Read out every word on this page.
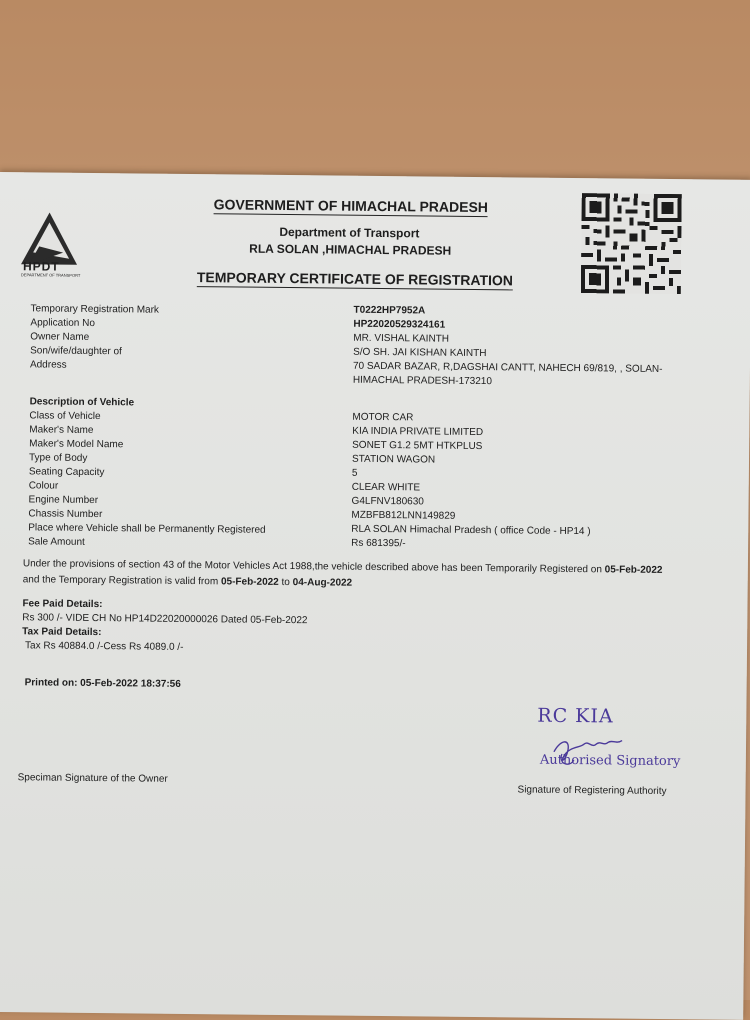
HPDT
DEPARTMENT OF TRANSPORT
GOVERNMENT OF HIMACHAL PRADESH
Department of Transport
RLA SOLAN ,HIMACHAL PRADESH
TEMPORARY CERTIFICATE OF REGISTRATION
Temporary Registration Mark	T0222HP7952A
Application No	HP22020529324161
Owner Name	MR. VISHAL KAINTH
Son/wife/daughter of	S/O SH. JAI KISHAN KAINTH
Address	70 SADAR BAZAR, R,DAGSHAI CANTT, NAHECH 69/819, , SOLAN-
HIMACHAL PRADESH-173210
Description of Vehicle
Class of Vehicle	MOTOR CAR
Maker's Name	KIA INDIA PRIVATE LIMITED
Maker's Model Name	SONET G1.2 5MT HTKPLUS
Type of Body	STATION WAGON
Seating Capacity	5
Colour	CLEAR WHITE
Engine Number	G4LFNV180630
Chassis Number	MZBFB812LNN149829
Place where Vehicle shall be Permanently Registered	RLA SOLAN Himachal Pradesh ( office Code - HP14 )
Sale Amount	Rs 681395/-
Under the provisions of section 43 of the Motor Vehicles Act 1988,the vehicle described above has been Temporarily Registered on 05-Feb-2022 and the Temporary Registration is valid from 05-Feb-2022 to 04-Aug-2022
Fee Paid Details:
Rs 300 /- VIDE CH No HP14D22020000026 Dated 05-Feb-2022
Tax Paid Details:
Tax Rs 40884.0 /-Cess Rs 4089.0 /-
Printed on: 05-Feb-2022 18:37:56
RC KIA
Authorised Signatory
Speciman Signature of the Owner
Signature of Registering Authority
